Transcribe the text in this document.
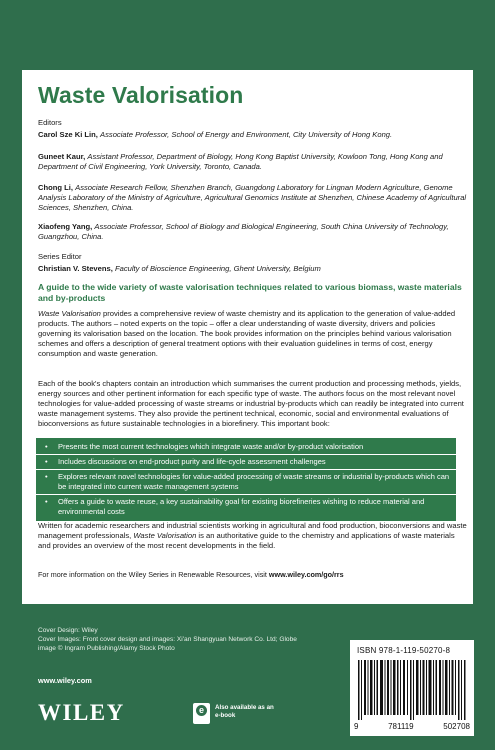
Waste Valorisation
Editors
Carol Sze Ki Lin, Associate Professor, School of Energy and Environment, City University of Hong Kong.
Guneet Kaur, Assistant Professor, Department of Biology, Hong Kong Baptist University, Kowloon Tong, Hong Kong and Department of Civil Engineering, York University, Toronto, Canada.
Chong Li, Associate Research Fellow, Shenzhen Branch, Guangdong Laboratory for Lingnan Modern Agriculture, Genome Analysis Laboratory of the Ministry of Agriculture, Agricultural Genomics Institute at Shenzhen, Chinese Academy of Agricultural Sciences, Shenzhen, China.
Xiaofeng Yang, Associate Professor, School of Biology and Biological Engineering, South China University of Technology, Guangzhou, China.
Series Editor
Christian V. Stevens, Faculty of Bioscience Engineering, Ghent University, Belgium
A guide to the wide variety of waste valorisation techniques related to various biomass, waste materials and by-products
Waste Valorisation provides a comprehensive review of waste chemistry and its application to the generation of value-added products. The authors – noted experts on the topic – offer a clear understanding of waste diversity, drivers and policies governing its valorisation based on the location. The book provides information on the principles behind various valorisation schemes and offers a description of general treatment options with their evaluation guidelines in terms of cost, energy consumption and waste generation.
Each of the book's chapters contain an introduction which summarises the current production and processing methods, yields, energy sources and other pertinent information for each specific type of waste. The authors focus on the most relevant novel technologies for value-added processing of waste streams or industrial by-products which can readily be integrated into current waste management systems. They also provide the pertinent technical, economic, social and environmental evaluations of bioconversions as future sustainable technologies in a biorefinery. This important book:
• Presents the most current technologies which integrate waste and/or by-product valorisation
• Includes discussions on end-product purity and life-cycle assessment challenges
• Explores relevant novel technologies for value-added processing of waste streams or industrial by-products which can be integrated into current waste management systems
• Offers a guide to waste reuse, a key sustainability goal for existing biorefineries wishing to reduce material and environmental costs
Written for academic researchers and industrial scientists working in agricultural and food production, bioconversions and waste management professionals, Waste Valorisation is an authoritative guide to the chemistry and applications of waste materials and provides an overview of the most recent developments in the field.
For more information on the Wiley Series in Renewable Resources, visit www.wiley.com/go/rrs
Cover Design: Wiley
Cover Images: Front cover design and images: Xi'an Shangyuan Network Co. Ltd; Globe image © Ingram Publishing/Alamy Stock Photo
www.wiley.com
WILEY	e	Also available as an e-book
ISBN 978-1-119-50270-8
9	781119	502708
